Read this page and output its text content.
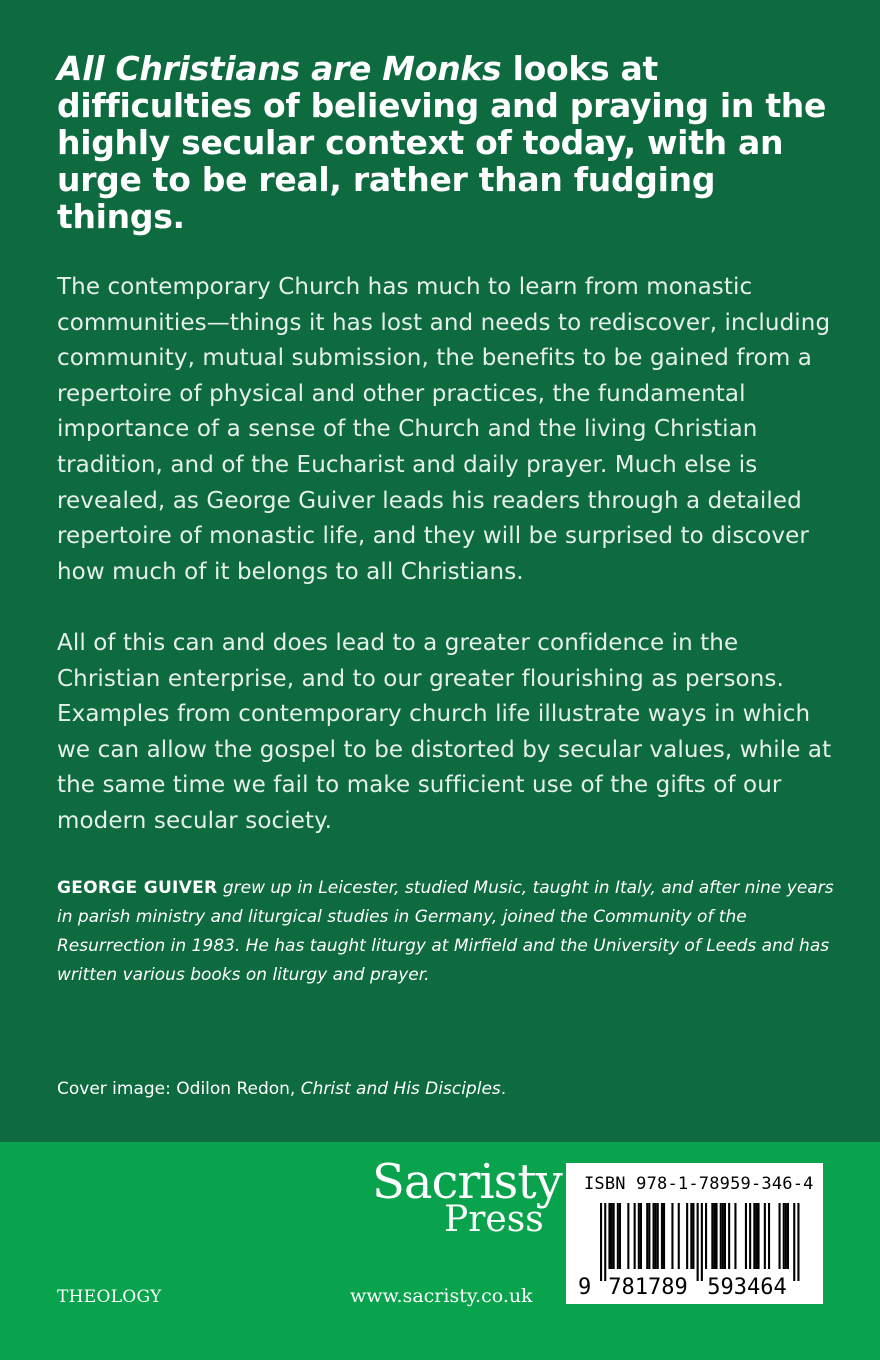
All Christians are Monks looks at difficulties of believing and praying in the highly secular context of today, with an urge to be real, rather than fudging things.

The contemporary Church has much to learn from monastic communities—things it has lost and needs to rediscover, including community, mutual submission, the benefits to be gained from a repertoire of physical and other practices, the fundamental importance of a sense of the Church and the living Christian tradition, and of the Eucharist and daily prayer. Much else is revealed, as George Guiver leads his readers through a detailed repertoire of monastic life, and they will be surprised to discover how much of it belongs to all Christians.

All of this can and does lead to a greater confidence in the Christian enterprise, and to our greater flourishing as persons. Examples from contemporary church life illustrate ways in which we can allow the gospel to be distorted by secular values, while at the same time we fail to make sufficient use of the gifts of our modern secular society.

GEORGE GUIVER grew up in Leicester, studied Music, taught in Italy, and after nine years in parish ministry and liturgical studies in Germany, joined the Community of the Resurrection in 1983. He has taught liturgy at Mirfield and the University of Leeds and has written various books on liturgy and prayer.

Cover image: Odilon Redon, Christ and His Disciples.

Sacristy
Press
THEOLOGY	www.sacristy.co.uk
ISBN 978-1-78959-346-4
9 781789 593464
